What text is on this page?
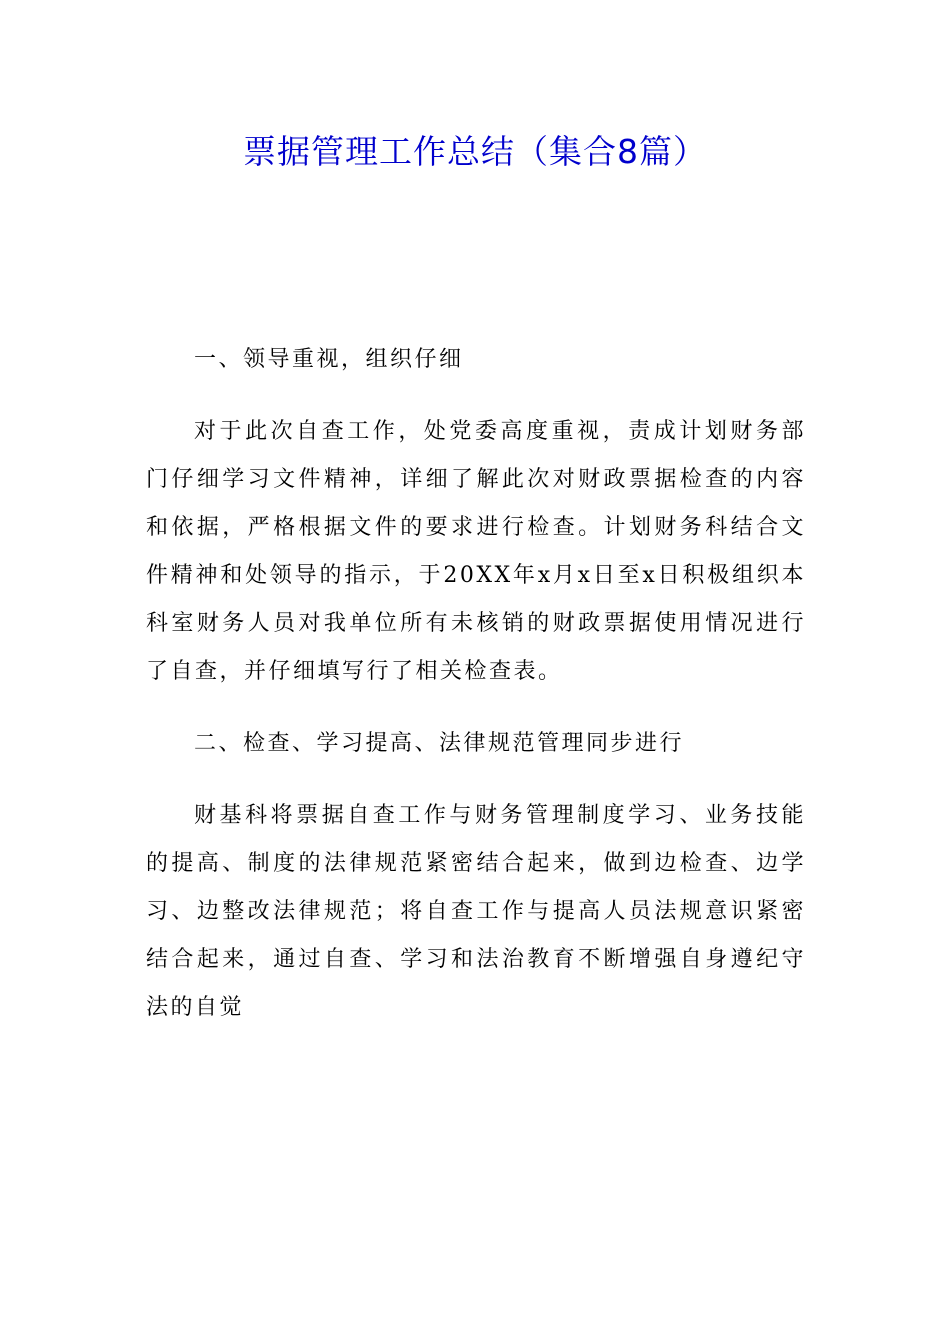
票据管理工作总结（集合8篇）

一、领导重视，组织仔细

对于此次自查工作，处党委高度重视，责成计划财务部门仔细学习文件精神，详细了解此次对财政票据检查的内容和依据，严格根据文件的要求进行检查。计划财务科结合文件精神和处领导的指示，于20XX年x月x日至x日积极组织本科室财务人员对我单位所有未核销的财政票据使用情况进行了自查，并仔细填写行了相关检查表。

二、检查、学习提高、法律规范管理同步进行

财基科将票据自查工作与财务管理制度学习、业务技能的提高、制度的法律规范紧密结合起来，做到边检查、边学习、边整改法律规范；将自查工作与提高人员法规意识紧密结合起来，通过自查、学习和法治教育不断增强自身遵纪守法的自觉
